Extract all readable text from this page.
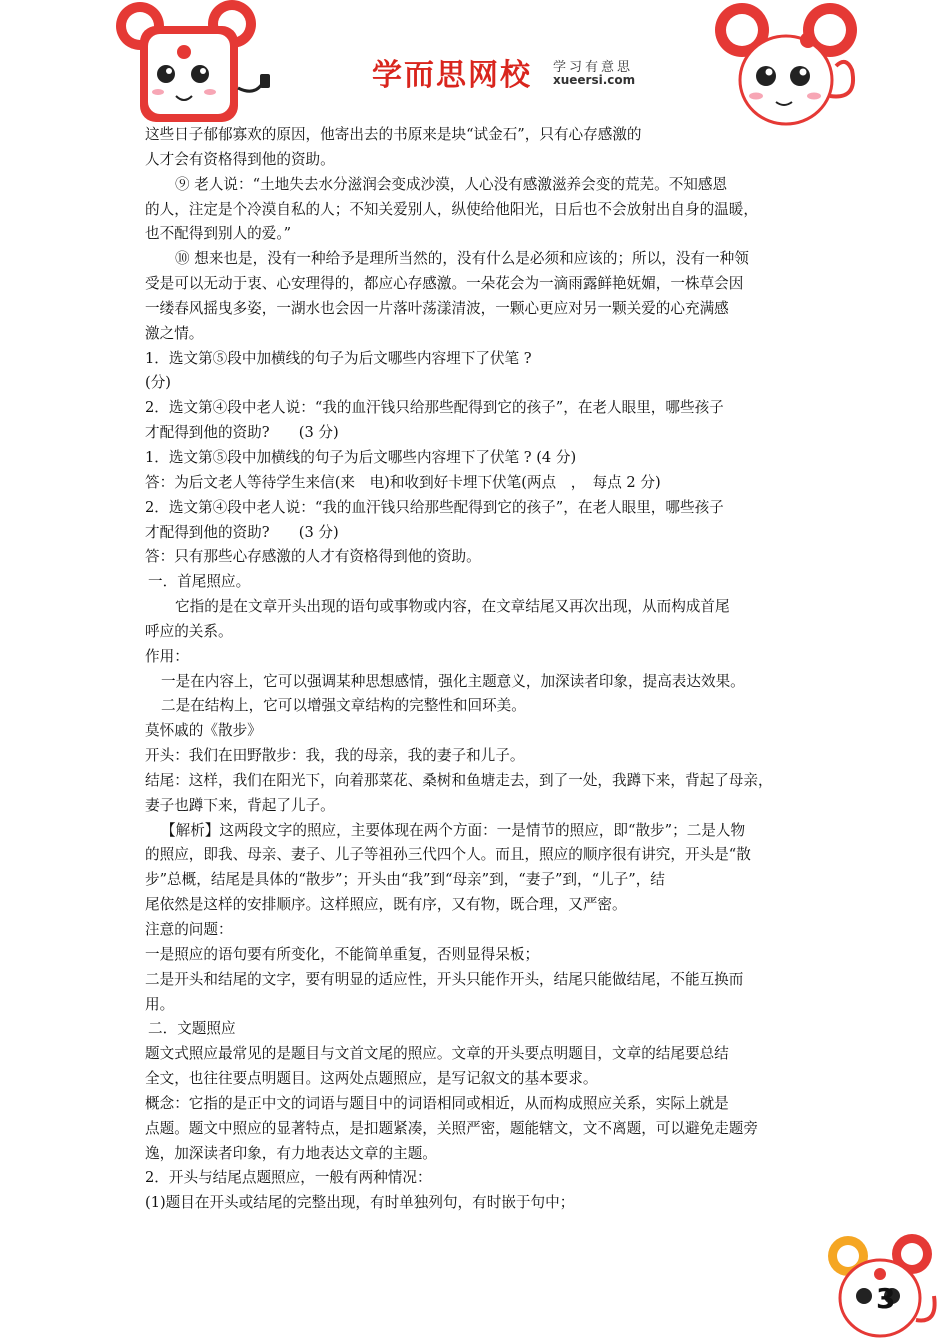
学而思网校 学习有意思
xueersi.com

这些日子郁郁寡欢的原因，他寄出去的书原来是块“试金石”，只有心存感激的

人才会有资格得到他的资助。

⑨ 老人说：“土地失去水分滋润会变成沙漠，人心没有感激滋养会变的荒芜。不知感恩

的人，注定是个冷漠自私的人；不知关爱别人，纵使给他阳光，日后也不会放射出自身的温暖，

也不配得到别人的爱。”

⑩ 想来也是，没有一种给予是理所当然的，没有什么是必须和应该的；所以，没有一种领

受是可以无动于衷、心安理得的，都应心存感激。一朵花会为一滴雨露鲜艳妩媚，一株草会因

一缕春风摇曳多姿，一湖水也会因一片落叶荡漾清波，一颗心更应对另一颗关爱的心充满感

激之情。

1．选文第⑤段中加横线的句子为后文哪些内容埋下了伏笔 ?

(分)

2．选文第④段中老人说：“我的血汗钱只给那些配得到它的孩子”，在老人眼里，哪些孩子

才配得到他的资助?　　(3 分)

1．选文第⑤段中加横线的句子为后文哪些内容埋下了伏笔 ? (4 分)

答：为后文老人等待学生来信(来　电)和收到好卡埋下伏笔(两点　，　每点 2 分)

2．选文第④段中老人说：“我的血汗钱只给那些配得到它的孩子”，在老人眼里，哪些孩子

才配得到他的资助?　　(3 分)

答：只有那些心存感激的人才有资格得到他的资助。

一．首尾照应。

它指的是在文章开头出现的语句或事物或内容，在文章结尾又再次出现，从而构成首尾

呼应的关系。

作用：

一是在内容上，它可以强调某种思想感情，强化主题意义，加深读者印象，提高表达效果。

二是在结构上，它可以增强文章结构的完整性和回环美。

莫怀戚的《散步》

开头：我们在田野散步：我，我的母亲，我的妻子和儿子。

结尾：这样，我们在阳光下，向着那菜花、桑树和鱼塘走去，到了一处，我蹲下来，背起了母亲，

妻子也蹲下来，背起了儿子。

【解析】这两段文字的照应，主要体现在两个方面：一是情节的照应，即“散步”；二是人物

的照应，即我、母亲、妻子、儿子等祖孙三代四个人。而且，照应的顺序很有讲究，开头是“散

步”总概，结尾是具体的“散步”；开头由“我”到“母亲”到，“妻子”到，“儿子”，结

尾依然是这样的安排顺序。这样照应，既有序，又有物，既合理，又严密。

注意的问题：

一是照应的语句要有所变化，不能简单重复，否则显得呆板；

二是开头和结尾的文字，要有明显的适应性，开头只能作开头，结尾只能做结尾，不能互换而

用。

二．文题照应

题文式照应最常见的是题目与文首文尾的照应。文章的开头要点明题目，文章的结尾要总结

全文，也往往要点明题目。这两处点题照应，是写记叙文的基本要求。

概念：它指的是正中文的词语与题目中的词语相同或相近，从而构成照应关系，实际上就是

点题。题文中照应的显著特点，是扣题紧凑，关照严密，题能辖文，文不离题，可以避免走题旁

逸，加深读者印象，有力地表达文章的主题。

2．开头与结尾点题照应，一般有两种情况：

(1)题目在开头或结尾的完整出现，有时单独列句，有时嵌于句中；

3
